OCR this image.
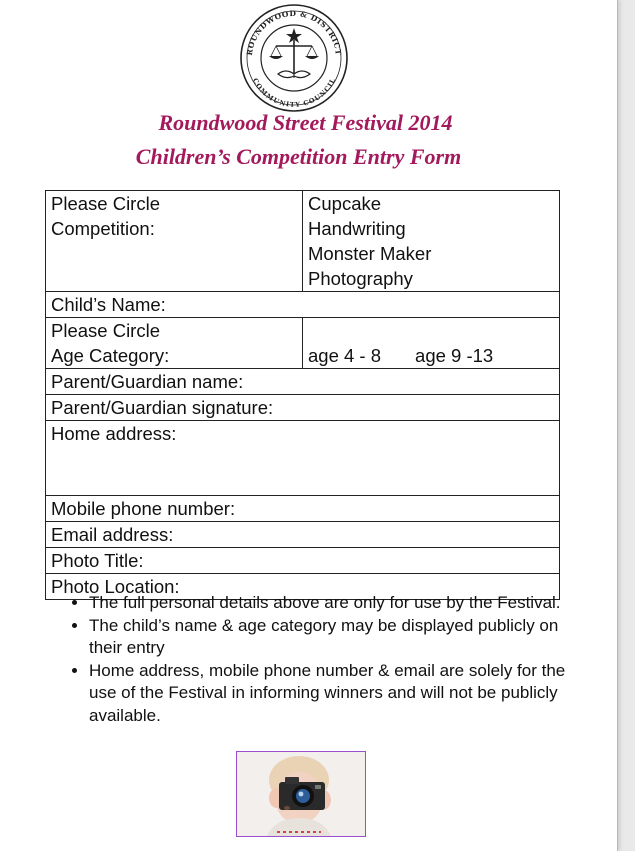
ROUNDWOOD & DISTRICT
COMMUNITY COUNCIL
Roundwood Street Festival 2014
Children’s Competition Entry Form
Please Circle
Competition:	Cupcake
Handwriting
Monster Maker
Photography

Child’s Name:	

Please Circle
Age Category:	age 4 - 8 age 9 -13
Parent/Guardian name:	
Parent/Guardian signature:	
Home address:	
Mobile phone number:	
Email address:	
Photo Title:	
Photo Location:	
• The full personal details above are only for use by the Festival.
• The child’s name & age category may be displayed publicly on their entry
• Home address, mobile phone number & email are solely for the use of the Festival in informing winners and will not be publicly available.
